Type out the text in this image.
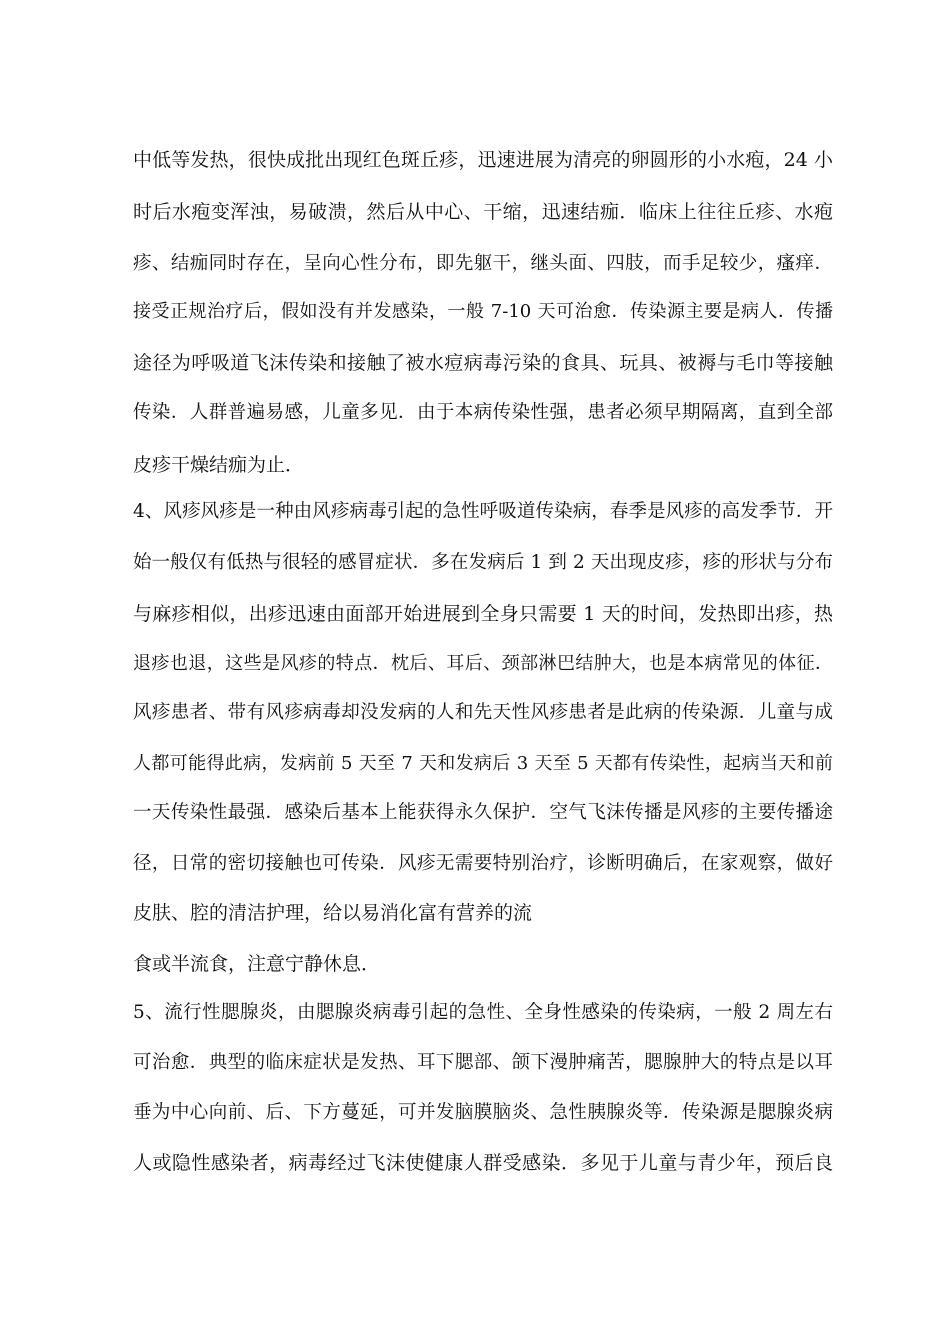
中低等发热，很快成批出现红色斑丘疹，迅速进展为清亮的卵圆形的小水疱，24 小
时后水疱变浑浊，易破溃，然后从中心、干缩，迅速结痂．临床上往往丘疹、水疱
疹、结痂同时存在，呈向心性分布，即先躯干，继头面、四肢，而手足较少，瘙痒．
接受正规治疗后，假如没有并发感染，一般 7-10 天可治愈．传染源主要是病人．传播
途径为呼吸道飞沫传染和接触了被水痘病毒污染的食具、玩具、被褥与毛巾等接触
传染．人群普遍易感，儿童多见．由于本病传染性强，患者必须早期隔离，直到全部
皮疹干燥结痂为止．
4、风疹风疹是一种由风疹病毒引起的急性呼吸道传染病，春季是风疹的高发季节．开
始一般仅有低热与很轻的感冒症状．多在发病后 1 到 2 天出现皮疹，疹的形状与分布
与麻疹相似，出疹迅速由面部开始进展到全身只需要 1 天的时间，发热即出疹，热
退疹也退，这些是风疹的特点．枕后、耳后、颈部淋巴结肿大，也是本病常见的体征．
风疹患者、带有风疹病毒却没发病的人和先天性风疹患者是此病的传染源．儿童与成
人都可能得此病，发病前 5 天至 7 天和发病后 3 天至 5 天都有传染性，起病当天和前
一天传染性最强．感染后基本上能获得永久保护．空气飞沫传播是风疹的主要传播途
径，日常的密切接触也可传染．风疹无需要特别治疗，诊断明确后，在家观察，做好
皮肤、腔的清洁护理，给以易消化富有营养的流
食或半流食，注意宁静休息．
5、流行性腮腺炎，由腮腺炎病毒引起的急性、全身性感染的传染病，一般 2 周左右
可治愈．典型的临床症状是发热、耳下腮部、颌下漫肿痛苦，腮腺肿大的特点是以耳
垂为中心向前、后、下方蔓延，可并发脑膜脑炎、急性胰腺炎等．传染源是腮腺炎病
人或隐性感染者，病毒经过飞沫使健康人群受感染．多见于儿童与青少年，预后良
